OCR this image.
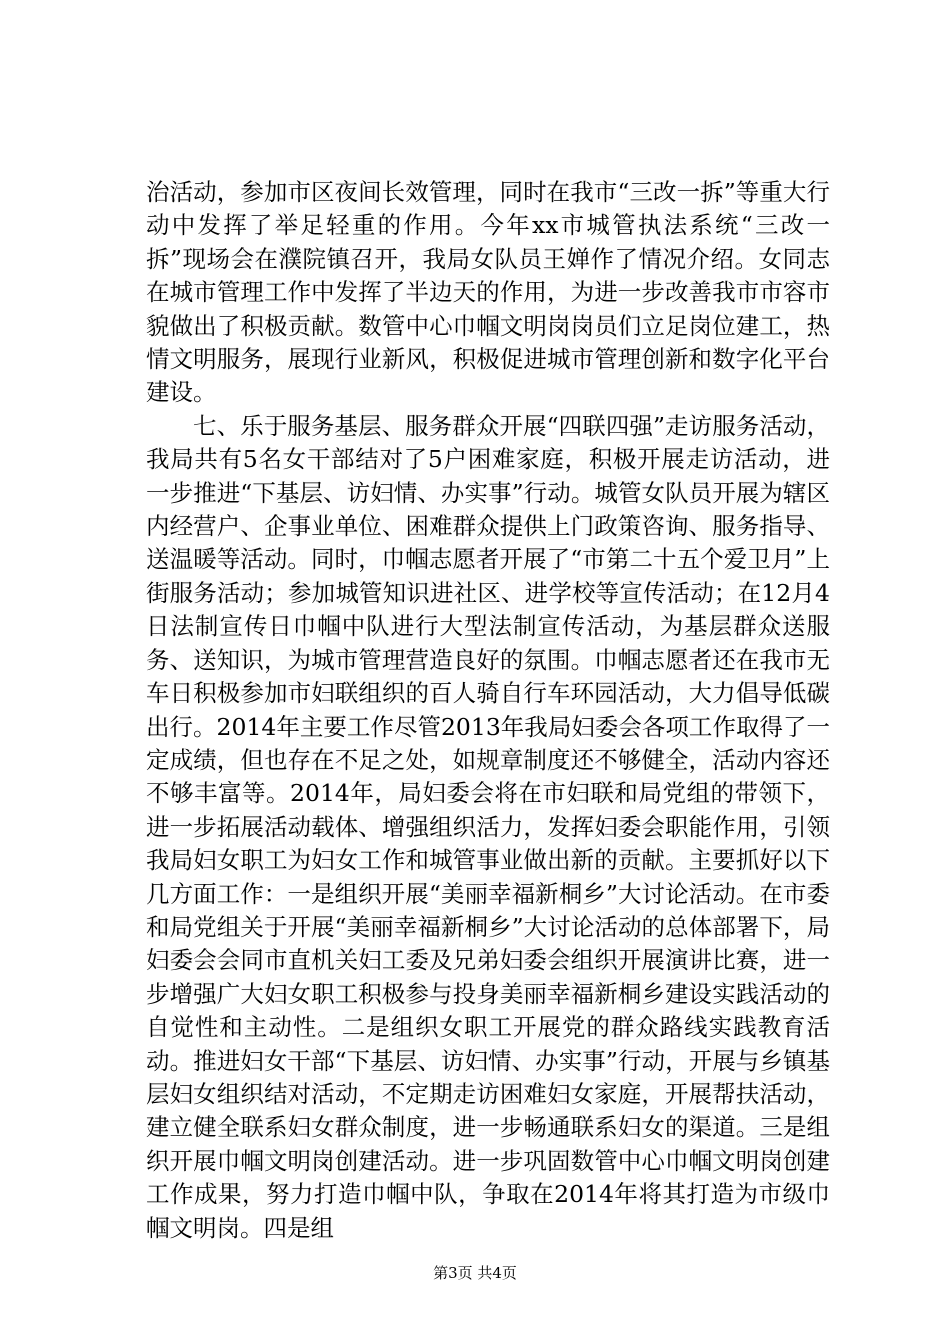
治活动，参加市区夜间长效管理，同时在我市“三改一拆”等重大行动中发挥了举足轻重的作用。今年xx市城管执法系统“三改一拆”现场会在濮院镇召开，我局女队员王婵作了情况介绍。女同志在城市管理工作中发挥了半边天的作用，为进一步改善我市市容市貌做出了积极贡献。数管中心巾帼文明岗岗员们立足岗位建工，热情文明服务，展现行业新风，积极促进城市管理创新和数字化平台建设。

七、乐于服务基层、服务群众开展“四联四强”走访服务活动，我局共有5名女干部结对了5户困难家庭，积极开展走访活动，进一步推进“下基层、访妇情、办实事”行动。城管女队员开展为辖区内经营户、企事业单位、困难群众提供上门政策咨询、服务指导、送温暖等活动。同时，巾帼志愿者开展了“市第二十五个爱卫月”上街服务活动；参加城管知识进社区、进学校等宣传活动；在12月4日法制宣传日巾帼中队进行大型法制宣传活动，为基层群众送服务、送知识，为城市管理营造良好的氛围。巾帼志愿者还在我市无车日积极参加市妇联组织的百人骑自行车环园活动，大力倡导低碳出行。2014年主要工作尽管2013年我局妇委会各项工作取得了一定成绩，但也存在不足之处，如规章制度还不够健全，活动内容还不够丰富等。2014年，局妇委会将在市妇联和局党组的带领下，进一步拓展活动载体、增强组织活力，发挥妇委会职能作用，引领我局妇女职工为妇女工作和城管事业做出新的贡献。主要抓好以下几方面工作：一是组织开展“美丽幸福新桐乡”大讨论活动。在市委和局党组关于开展“美丽幸福新桐乡”大讨论活动的总体部署下，局妇委会会同市直机关妇工委及兄弟妇委会组织开展演讲比赛，进一步增强广大妇女职工积极参与投身美丽幸福新桐乡建设实践活动的自觉性和主动性。二是组织女职工开展党的群众路线实践教育活动。推进妇女干部“下基层、访妇情、办实事”行动，开展与乡镇基层妇女组织结对活动，不定期走访困难妇女家庭，开展帮扶活动，建立健全联系妇女群众制度，进一步畅通联系妇女的渠道。三是组织开展巾帼文明岗创建活动。进一步巩固数管中心巾帼文明岗创建工作成果，努力打造巾帼中队，争取在2014年将其打造为市级巾帼文明岗。四是组

第3页 共4页
